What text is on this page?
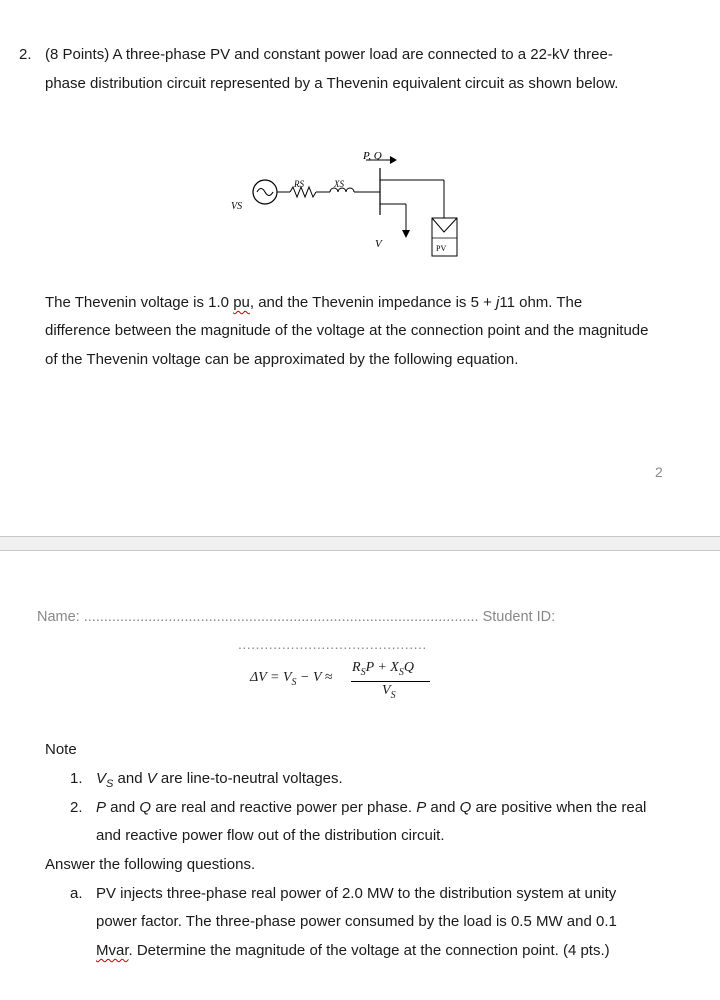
2. (8 Points) A three-phase PV and constant power load are connected to a 22-kV three-
phase distribution circuit represented by a Thevenin equivalent circuit as shown below.
VS
RS	XS
P, Q
V	PV
The Thevenin voltage is 1.0 pu, and the Thevenin impedance is 5 + j11 ohm. The
difference between the magnitude of the voltage at the connection point and the magnitude
of the Thevenin voltage can be approximated by the following equation.
2
Name: .................................................................................................. Student ID:
...........................................
$\Delta V = V_S - V$ ≈
$R_SP + X_SQ$
$V_S$
Note
1. $V_S$ and V are line-to-neutral voltages.
2. P and Q are real and reactive power per phase. P and Q are positive when the real
and reactive power flow out of the distribution circuit.
Answer the following questions.
a. PV injects three-phase real power of 2.0 MW to the distribution system at unity
power factor. The three-phase power consumed by the load is 0.5 MW and 0.1
Mvar. Determine the magnitude of the voltage at the connection point. (4 pts.)
